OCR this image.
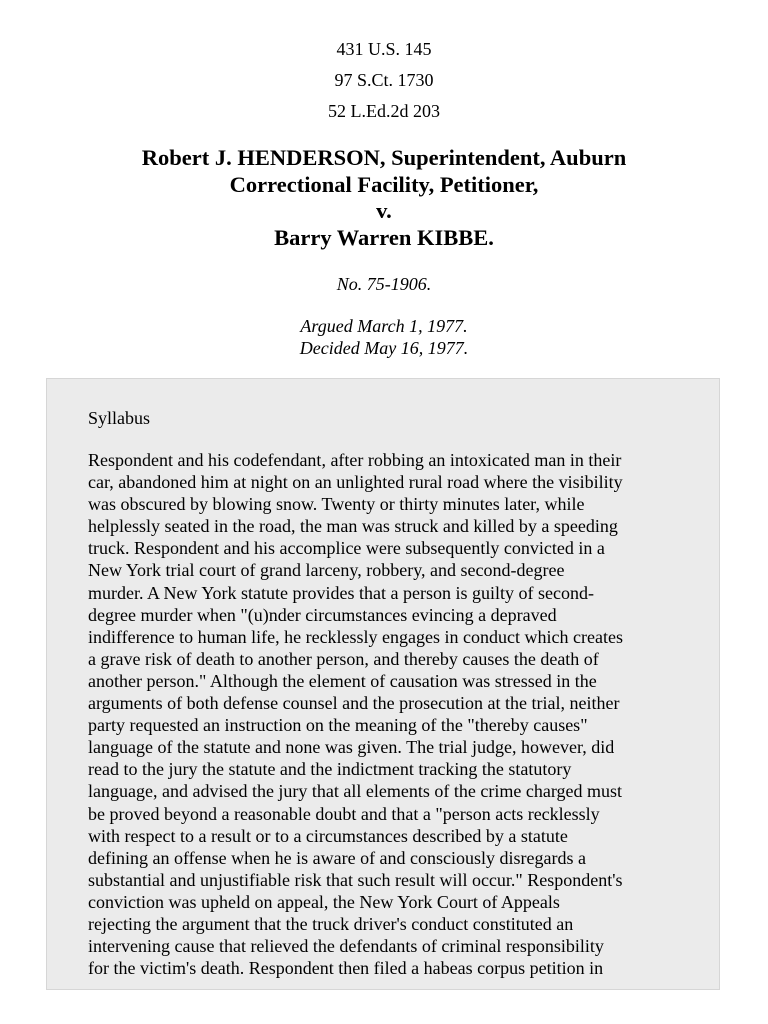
431 U.S. 145
97 S.Ct. 1730
52 L.Ed.2d 203
Robert J. HENDERSON, Superintendent, Auburn
Correctional Facility, Petitioner,
v.
Barry Warren KIBBE.
No. 75-1906.
Argued March 1, 1977.
Decided May 16, 1977.
Syllabus
Respondent and his codefendant, after robbing an intoxicated man in their
car, abandoned him at night on an unlighted rural road where the visibility
was obscured by blowing snow. Twenty or thirty minutes later, while
helplessly seated in the road, the man was struck and killed by a speeding
truck. Respondent and his accomplice were subsequently convicted in a
New York trial court of grand larceny, robbery, and second-degree
murder. A New York statute provides that a person is guilty of second-
degree murder when "(u)nder circumstances evincing a depraved
indifference to human life, he recklessly engages in conduct which creates
a grave risk of death to another person, and thereby causes the death of
another person." Although the element of causation was stressed in the
arguments of both defense counsel and the prosecution at the trial, neither
party requested an instruction on the meaning of the "thereby causes"
language of the statute and none was given. The trial judge, however, did
read to the jury the statute and the indictment tracking the statutory
language, and advised the jury that all elements of the crime charged must
be proved beyond a reasonable doubt and that a "person acts recklessly
with respect to a result or to a circumstances described by a statute
defining an offense when he is aware of and consciously disregards a
substantial and unjustifiable risk that such result will occur." Respondent's
conviction was upheld on appeal, the New York Court of Appeals
rejecting the argument that the truck driver's conduct constituted an
intervening cause that relieved the defendants of criminal responsibility
for the victim's death. Respondent then filed a habeas corpus petition in
